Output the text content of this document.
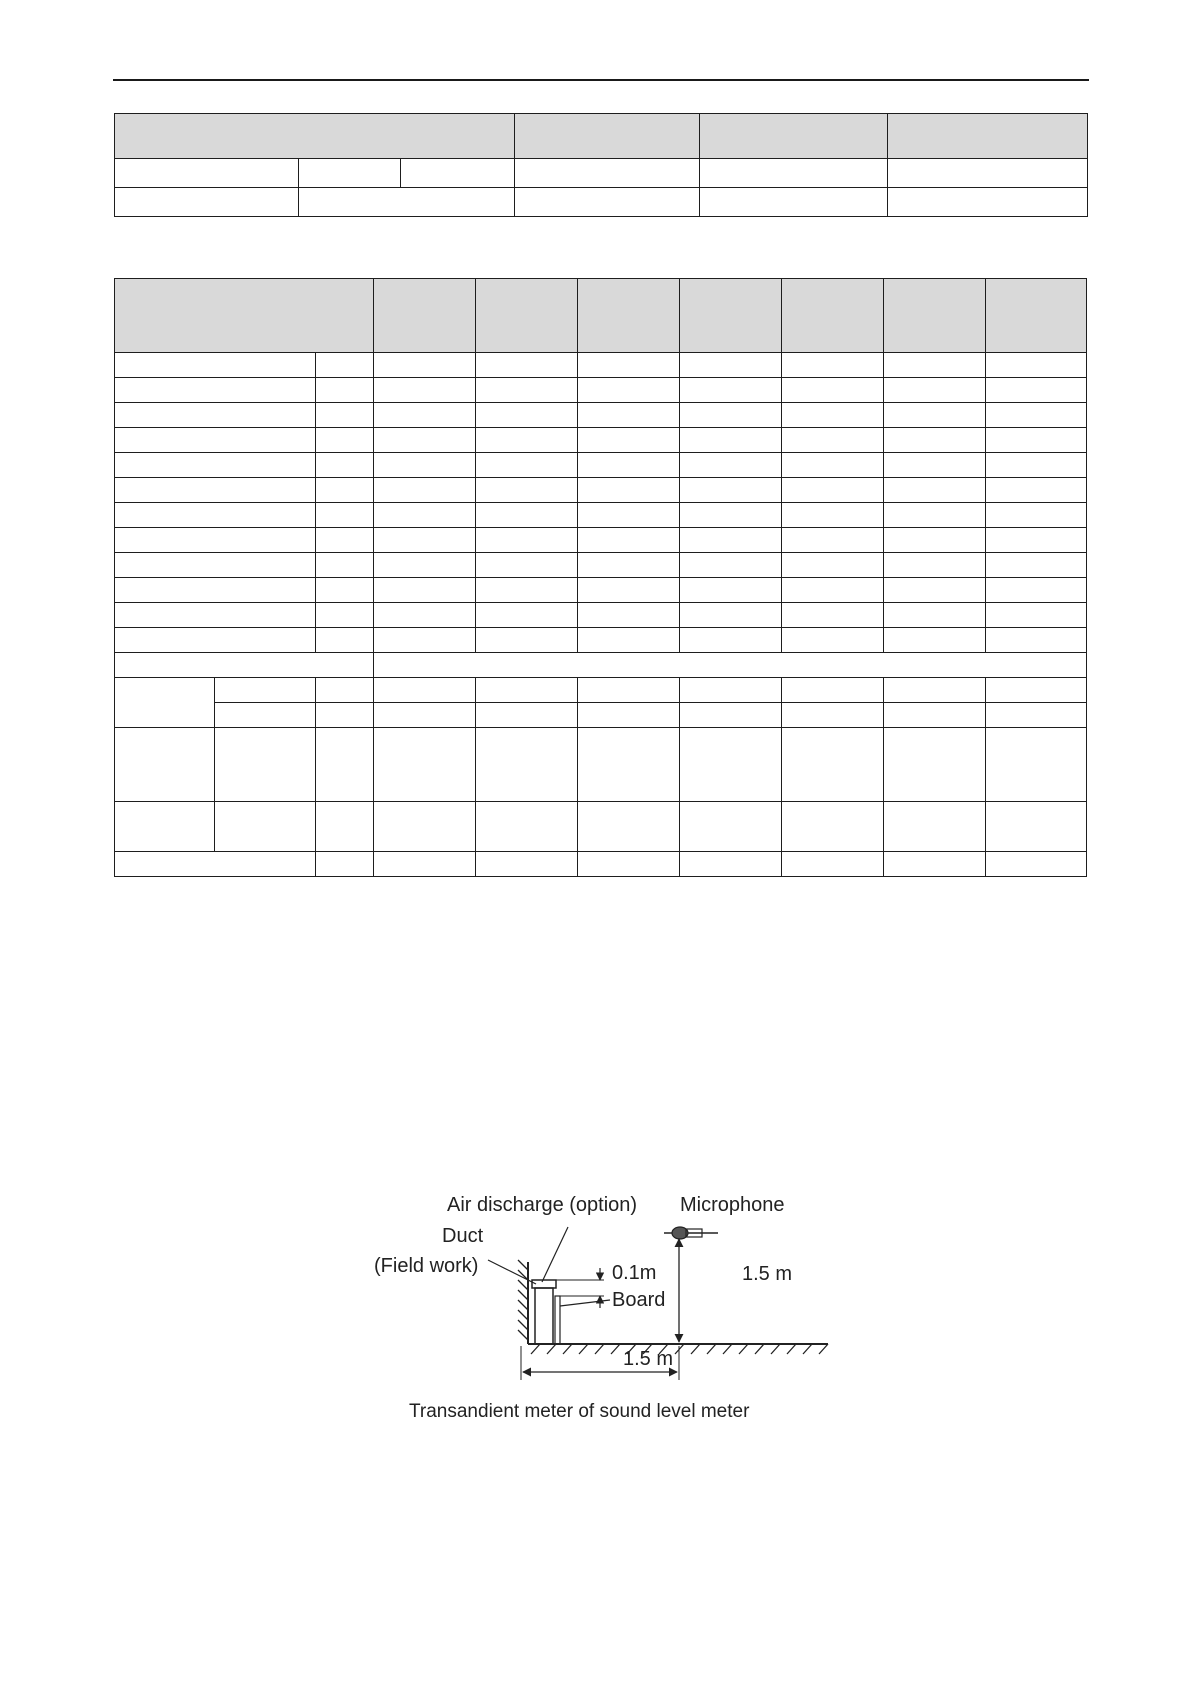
Air discharge (option) Microphone
Duct
(Field work)	0.1m
Board
1.5 m
1.5 m
Transandient meter of sound level meter
